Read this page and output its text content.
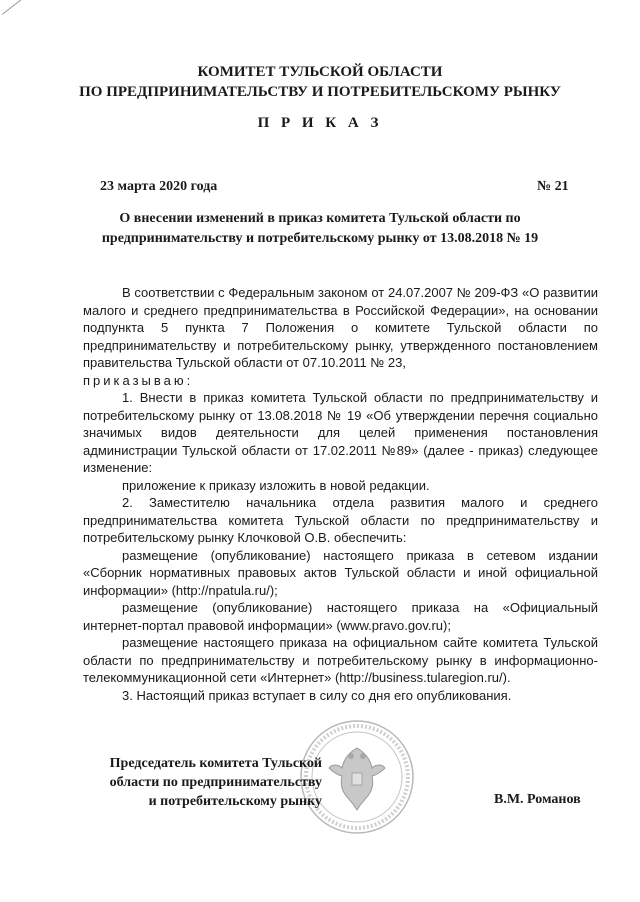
КОМИТЕТ ТУЛЬСКОЙ ОБЛАСТИ
ПО ПРЕДПРИНИМАТЕЛЬСТВУ И ПОТРЕБИТЕЛЬСКОМУ РЫНКУ
П Р И К А З
23 марта 2020 года	№ 21
О внесении изменений в приказ комитета Тульской области по
предпринимательству и потребительскому рынку от 13.08.2018 № 19

В соответствии с Федеральным законом от 24.07.2007 № 209-ФЗ «О развитии малого и среднего предпринимательства в Российской Федерации», на основании подпункта 5 пункта 7 Положения о комитете Тульской области по предпринимательству и потребительскому рынку, утвержденного постановлением правительства Тульской области от 07.10.2011 № 23,

приказываю:

1. Внести в приказ комитета Тульской области по предпринимательству и потребительскому рынку от 13.08.2018 № 19 «Об утверждении перечня социально значимых видов деятельности для целей применения постановления администрации Тульской области от 17.02.2011 №89» (далее - приказ) следующее изменение:

приложение к приказу изложить в новой редакции.

2. Заместителю начальника отдела развития малого и среднего предпринимательства комитета Тульской области по предпринимательству и потребительскому рынку Клочковой О.В. обеспечить:

размещение (опубликование) настоящего приказа в сетевом издании «Сборник нормативных правовых актов Тульской области и иной официальной информации» (http://npatula.ru/);

размещение (опубликование) настоящего приказа на «Официальный интернет-портал правовой информации» (www.pravo.gov.ru);

размещение настоящего приказа на официальном сайте комитета Тульской области по предпринимательству и потребительскому рынку в информационно-телекоммуникационной сети «Интернет» (http://business.tularegion.ru/).

3. Настоящий приказ вступает в силу со дня его опубликования.

Председатель комитета Тульской
области по предпринимательству
и потребительскому рынку	В.М. Романов
